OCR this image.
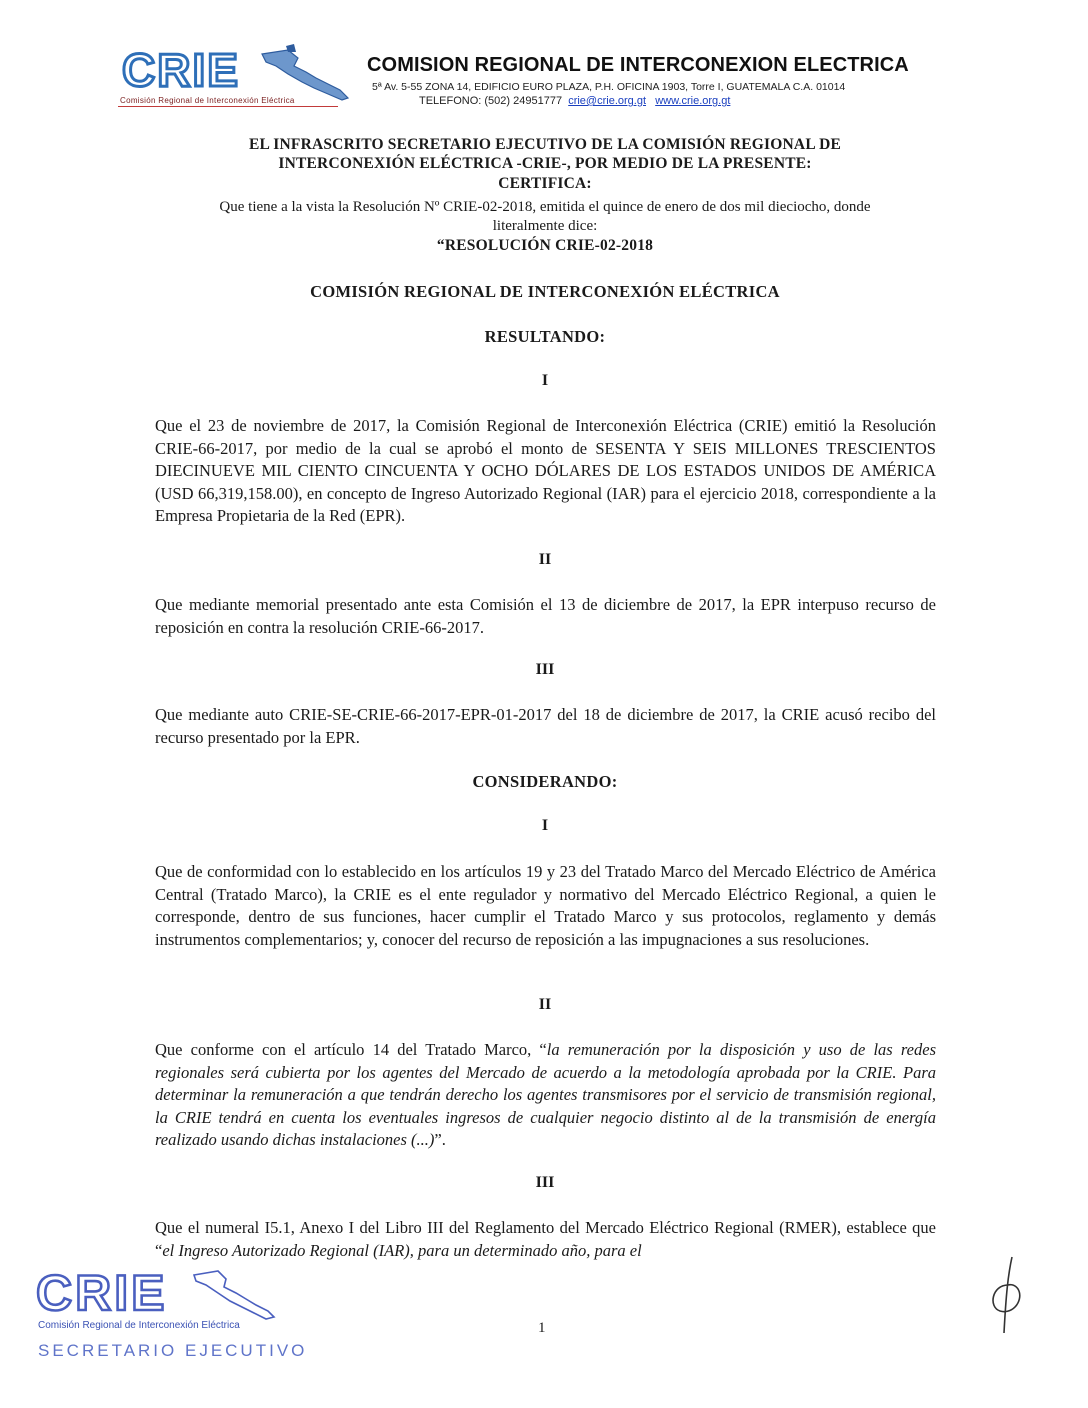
CRIE
Comisión Regional de Interconexión Eléctrica
COMISION REGIONAL DE INTERCONEXION ELECTRICA
5ª Av. 5-55 ZONA 14, EDIFICIO EURO PLAZA, P.H. OFICINA 1903, Torre I, GUATEMALA C.A. 01014
TELEFONO: (502) 24951777 crie@crie.org.gt www.crie.org.gt
EL INFRASCRITO SECRETARIO EJECUTIVO DE LA COMISIÓN REGIONAL DE
INTERCONEXIÓN ELÉCTRICA -CRIE-, POR MEDIO DE LA PRESENTE:
CERTIFICA:
Que tiene a la vista la Resolución Nº CRIE-02-2018, emitida el quince de enero de dos mil dieciocho, donde
literalmente dice:
“RESOLUCIÓN CRIE-02-2018
COMISIÓN REGIONAL DE INTERCONEXIÓN ELÉCTRICA
RESULTANDO:
I
Que el 23 de noviembre de 2017, la Comisión Regional de Interconexión Eléctrica (CRIE) emitió la Resolución CRIE-66-2017, por medio de la cual se aprobó el monto de SESENTA Y SEIS MILLONES TRESCIENTOS DIECINUEVE MIL CIENTO CINCUENTA Y OCHO DÓLARES DE LOS ESTADOS UNIDOS DE AMÉRICA (USD 66,319,158.00), en concepto de Ingreso Autorizado Regional (IAR) para el ejercicio 2018, correspondiente a la Empresa Propietaria de la Red (EPR).
II
Que mediante memorial presentado ante esta Comisión el 13 de diciembre de 2017, la EPR interpuso recurso de reposición en contra la resolución CRIE-66-2017.
III
Que mediante auto CRIE-SE-CRIE-66-2017-EPR-01-2017 del 18 de diciembre de 2017, la CRIE acusó recibo del recurso presentado por la EPR.
CONSIDERANDO:
I
Que de conformidad con lo establecido en los artículos 19 y 23 del Tratado Marco del Mercado Eléctrico de América Central (Tratado Marco), la CRIE es el ente regulador y normativo del Mercado Eléctrico Regional, a quien le corresponde, dentro de sus funciones, hacer cumplir el Tratado Marco y sus protocolos, reglamento y demás instrumentos complementarios; y, conocer del recurso de reposición a las impugnaciones a sus resoluciones.
II
Que conforme con el artículo 14 del Tratado Marco, “la remuneración por la disposición y uso de las redes regionales será cubierta por los agentes del Mercado de acuerdo a la metodología aprobada por la CRIE. Para determinar la remuneración a que tendrán derecho los agentes transmisores por el servicio de transmisión regional, la CRIE tendrá en cuenta los eventuales ingresos de cualquier negocio distinto al de la transmisión de energía realizado usando dichas instalaciones (...)”.
III
Que el numeral I5.1, Anexo I del Libro III del Reglamento del Mercado Eléctrico Regional (RMER), establece que “el Ingreso Autorizado Regional (IAR), para un determinado año, para el
CRIE
Comisión Regional de Interconexión Eléctrica
SECRETARIO EJECUTIVO
1
